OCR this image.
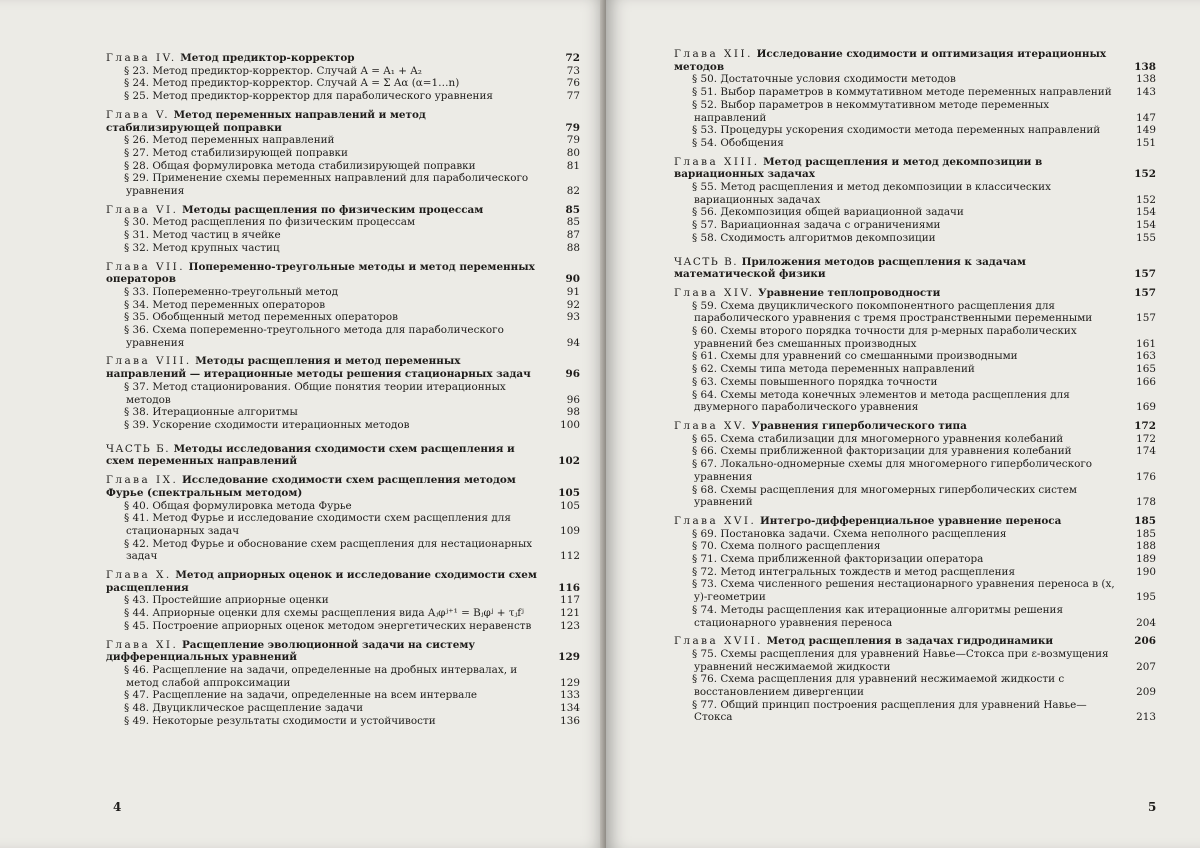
Глава IV. Метод предиктор-корректор	72
§ 23. Метод предиктор-корректор. Случай A = A₁ + A₂	73
§ 24. Метод предиктор-корректор. Случай A = Σ Aα (α=1…n)	76
§ 25. Метод предиктор-корректор для параболического уравнения	77
Глава V. Метод переменных направлений и метод стабилизирующей поправки	79
§ 26. Метод переменных направлений	79
§ 27. Метод стабилизирующей поправки	80
§ 28. Общая формулировка метода стабилизирующей поправки	81
§ 29. Применение схемы переменных направлений для параболического уравнения	82
Глава VI. Методы расщепления по физическим процессам	85
§ 30. Метод расщепления по физическим процессам	85
§ 31. Метод частиц в ячейке	87
§ 32. Метод крупных частиц	88
Глава VII. Попеременно-треугольные методы и метод переменных операторов	90
§ 33. Попеременно-треугольный метод	91
§ 34. Метод переменных операторов	92
§ 35. Обобщенный метод переменных операторов	93
§ 36. Схема попеременно-треугольного метода для параболического уравнения	94
Глава VIII. Методы расщепления и метод переменных направлений — итерационные методы решения стационарных задач	96
§ 37. Метод стационирования. Общие понятия теории итерационных методов	96
§ 38. Итерационные алгоритмы	98
§ 39. Ускорение сходимости итерационных методов	100
ЧАСТЬ Б. Методы исследования сходимости схем расщепления и схем переменных направлений	102
Глава IX. Исследование сходимости схем расщепления методом Фурье (спектральным методом)	105
§ 40. Общая формулировка метода Фурье	105
§ 41. Метод Фурье и исследование сходимости схем расщепления для стационарных задач	109
§ 42. Метод Фурье и обоснование схем расщепления для нестационарных задач	112
Глава X. Метод априорных оценок и исследование сходимости схем расщепления	116
§ 43. Простейшие априорные оценки	117
§ 44. Априорные оценки для схемы расщепления вида Aⱼφʲ⁺¹ = Bⱼφʲ + τⱼfʲ	121
§ 45. Построение априорных оценок методом энергетических неравенств	123
Глава XI. Расщепление эволюционной задачи на систему дифференциальных уравнений	129
§ 46. Расщепление на задачи, определенные на дробных интервалах, и метод слабой аппроксимации	129
§ 47. Расщепление на задачи, определенные на всем интервале	133
§ 48. Двуциклическое расщепление задачи	134
§ 49. Некоторые результаты сходимости и устойчивости	136
4
Глава XII. Исследование сходимости и оптимизация итерационных методов	138
§ 50. Достаточные условия сходимости методов	138
§ 51. Выбор параметров в коммутативном методе переменных направлений	143
§ 52. Выбор параметров в некоммутативном методе переменных направлений	147
§ 53. Процедуры ускорения сходимости метода переменных направлений	149
§ 54. Обобщения	151
Глава XIII. Метод расщепления и метод декомпозиции в вариационных задачах	152
§ 55. Метод расщепления и метод декомпозиции в классических вариационных задачах	152
§ 56. Декомпозиция общей вариационной задачи	154
§ 57. Вариационная задача с ограничениями	154
§ 58. Сходимость алгоритмов декомпозиции	155
ЧАСТЬ В. Приложения методов расщепления к задачам математической физики	157
Глава XIV. Уравнение теплопроводности	157
§ 59. Схема двуциклического покомпонентного расщепления для параболического уравнения с тремя пространственными переменными	157
§ 60. Схемы второго порядка точности для p-мерных параболических уравнений без смешанных производных	161
§ 61. Схемы для уравнений со смешанными производными	163
§ 62. Схемы типа метода переменных направлений	165
§ 63. Схемы повышенного порядка точности	166
§ 64. Схемы метода конечных элементов и метода расщепления для двумерного параболического уравнения	169
Глава XV. Уравнения гиперболического типа	172
§ 65. Схема стабилизации для многомерного уравнения колебаний	172
§ 66. Схемы приближенной факторизации для уравнения колебаний	174
§ 67. Локально-одномерные схемы для многомерного гиперболического уравнения	176
§ 68. Схемы расщепления для многомерных гиперболических систем уравнений	178
Глава XVI. Интегро-дифференциальное уравнение переноса	185
§ 69. Постановка задачи. Схема неполного расщепления	185
§ 70. Схема полного расщепления	188
§ 71. Схема приближенной факторизации оператора	189
§ 72. Метод интегральных тождеств и метод расщепления	190
§ 73. Схема численного решения нестационарного уравнения переноса в (x, y)-геометрии	195
§ 74. Методы расщепления как итерационные алгоритмы решения стационарного уравнения переноса	204
Глава XVII. Метод расщепления в задачах гидродинамики	206
§ 75. Схемы расщепления для уравнений Навье—Стокса при ε-возмущения уравнений несжимаемой жидкости	207
§ 76. Схема расщепления для уравнений несжимаемой жидкости с восстановлением дивергенции	209
§ 77. Общий принцип построения расщепления для уравнений Навье—Стокса	213
5
